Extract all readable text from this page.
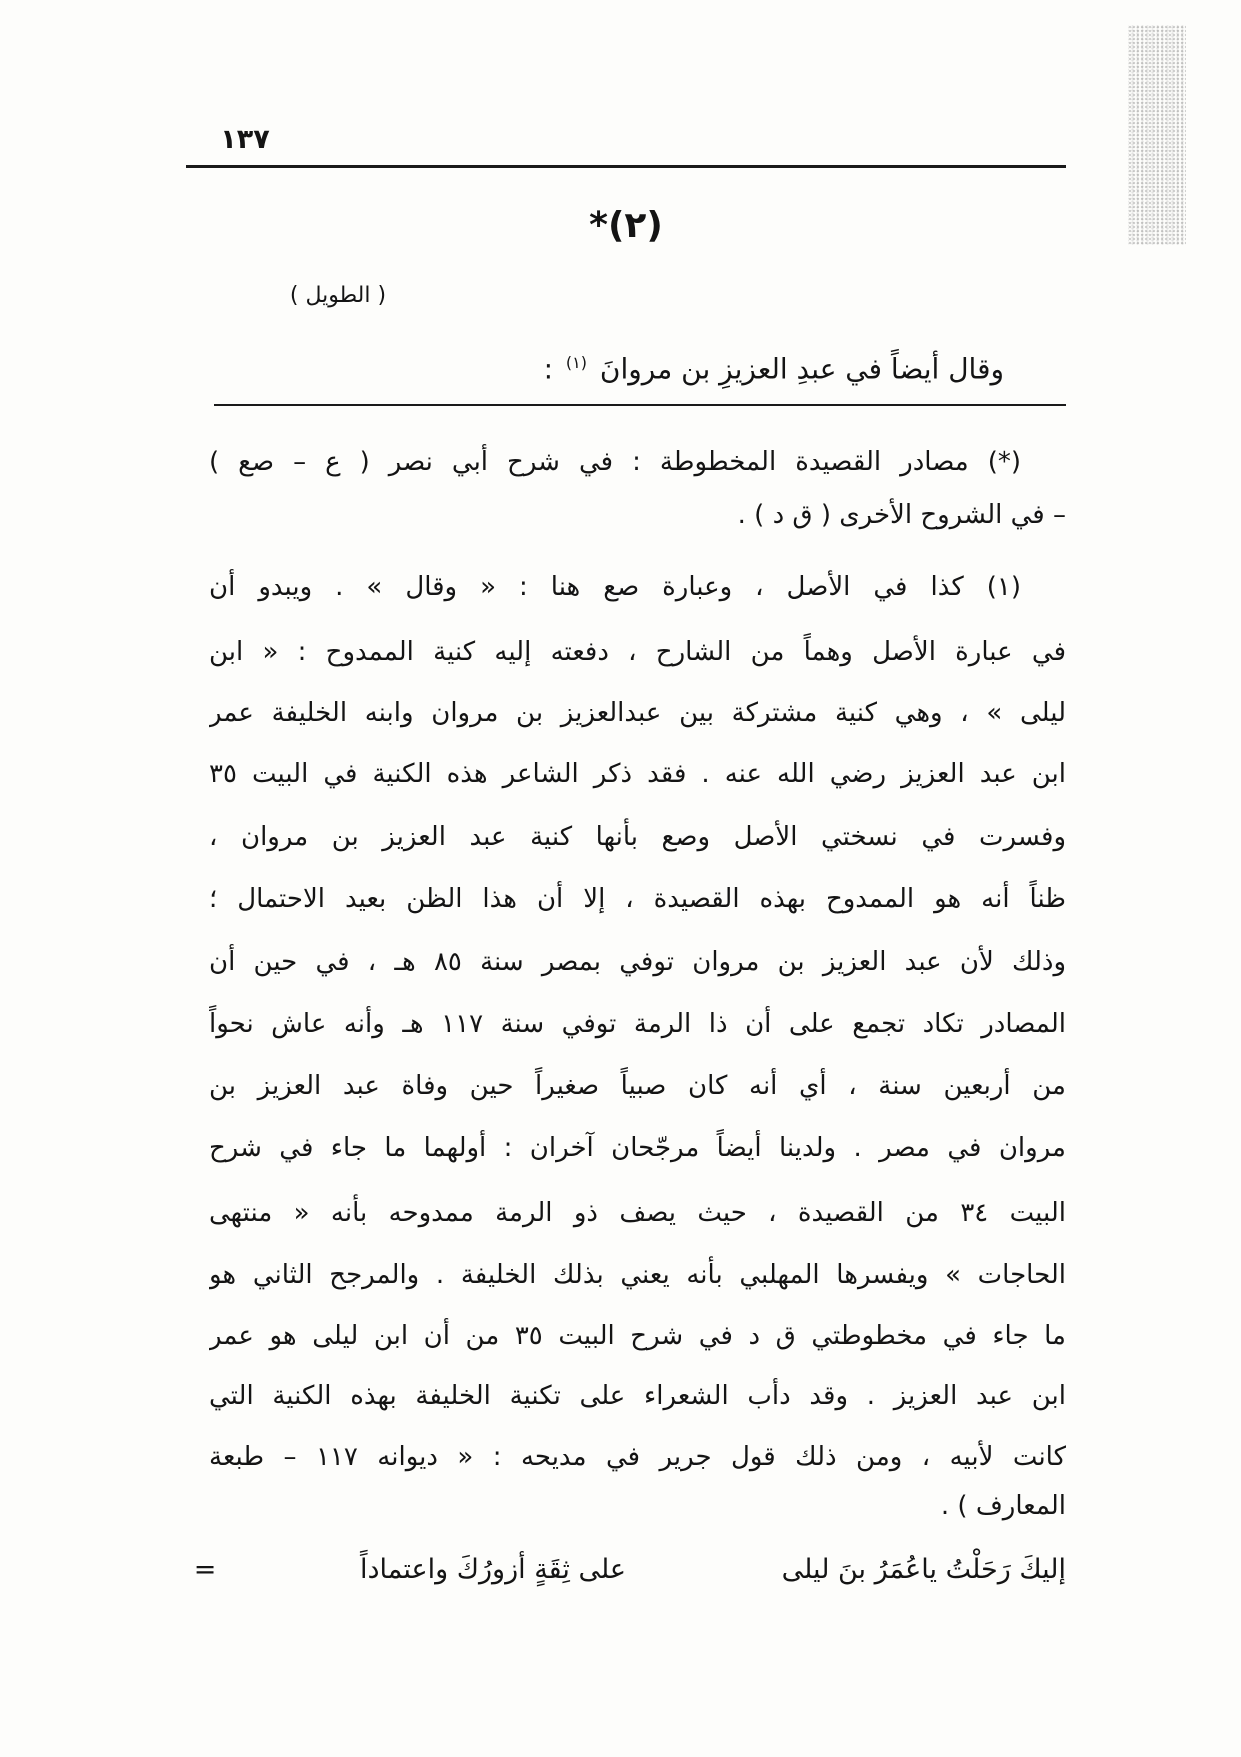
١٣٧
(٢)*
( الطويل )
وقال أيضاً في عبدِ العزيزِ بن مروانَ $^{(١)}$ :
(*) مصادر القصيدة المخطوطة : في شرح أبي نصر ( ع – صع )
– في الشروح الأخرى ( ق د ) .
(١) كذا في الأصل ، وعبارة صع هنا : « وقال » . ويبدو أن
في عبارة الأصل وهماً من الشارح ، دفعته إليه كنية الممدوح : « ابن
ليلى » ، وهي كنية مشتركة بين عبدالعزيز بن مروان وابنه الخليفة عمر
ابن عبد العزيز رضي الله عنه . فقد ذكر الشاعر هذه الكنية في البيت ٣٥
وفسرت في نسختي الأصل وصع بأنها كنية عبد العزيز بن مروان ،
ظناً أنه هو الممدوح بهذه القصيدة ، إلا أن هذا الظن بعيد الاحتمال ؛
وذلك لأن عبد العزيز بن مروان توفي بمصر سنة ٨٥ هـ ، في حين أن
المصادر تكاد تجمع على أن ذا الرمة توفي سنة ١١٧ هـ وأنه عاش نحواً
من أربعين سنة ، أي أنه كان صبياً صغيراً حين وفاة عبد العزيز بن
مروان في مصر . ولدينا أيضاً مرجّحان آخران : أولهما ما جاء في شرح
البيت ٣٤ من القصيدة ، حيث يصف ذو الرمة ممدوحه بأنه « منتهى
الحاجات » ويفسرها المهلبي بأنه يعني بذلك الخليفة . والمرجح الثاني هو
ما جاء في مخطوطتي ق د في شرح البيت ٣٥ من أن ابن ليلى هو عمر
ابن عبد العزيز . وقد دأب الشعراء على تكنية الخليفة بهذه الكنية التي
كانت لأبيه ، ومن ذلك قول جرير في مديحه : « ديوانه ١١٧ – طبعة
المعارف ) .
إليكَ رَحَلْتُ ياعُمَرُ بنَ ليلى
على ثِقَةٍ أزورُكَ واعتماداً
=
